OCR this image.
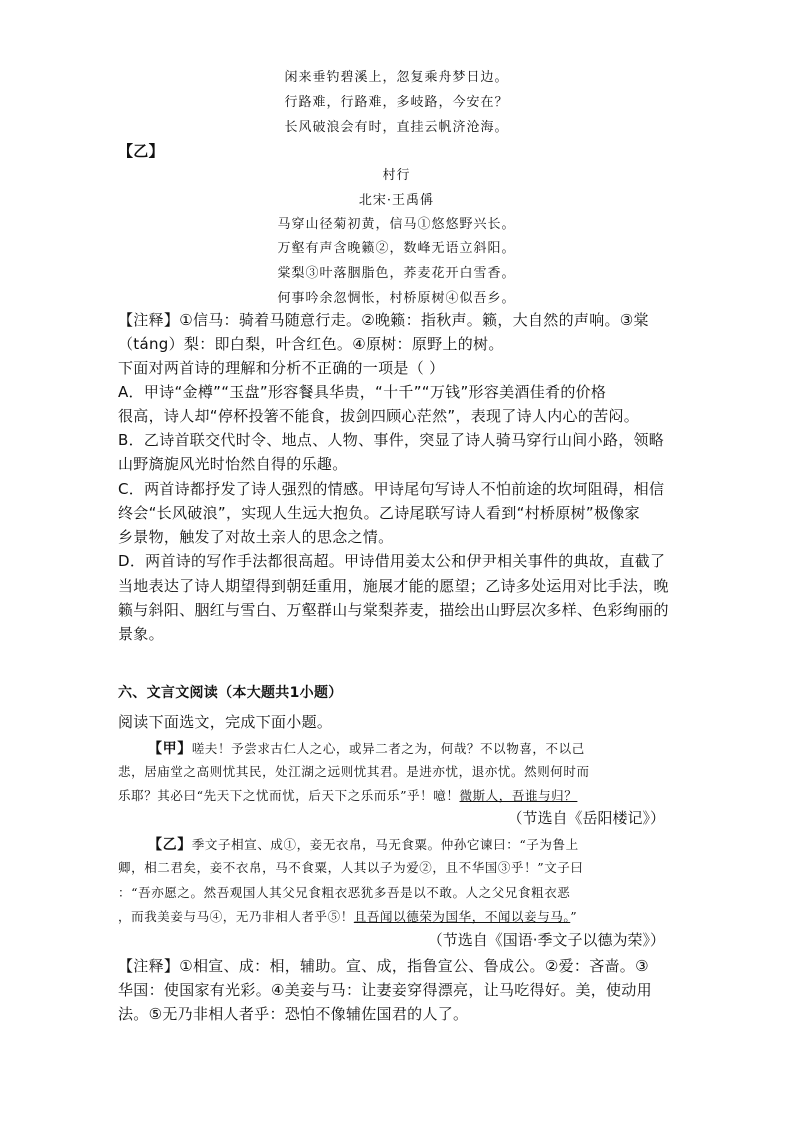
闲来垂钓碧溪上，忽复乘舟梦日边。
行路难，行路难，多岐路，今安在？
长风破浪会有时，直挂云帆济沧海。
【乙】
村行
北宋·王禹偁
马穿山径菊初黄，信马①悠悠野兴长。
万壑有声含晚籁②，数峰无语立斜阳。
棠梨③叶落胭脂色，荞麦花开白雪香。
何事吟余忽惆怅，村桥原树④似吾乡。
【注释】①信马：骑着马随意行走。②晚籁：指秋声。籁，大自然的声响。③棠
（táng）梨：即白梨，叶含红色。④原树：原野上的树。
下面对两首诗的理解和分析不正确的一项是（ ）
A．甲诗“金樽”“玉盘”形容餐具华贵，“十千”“万钱”形容美酒佳肴的价格
很高，诗人却“停杯投箸不能食，拔剑四顾心茫然”，表现了诗人内心的苦闷。
B．乙诗首联交代时令、地点、人物、事件，突显了诗人骑马穿行山间小路，领略
山野旖旎风光时怡然自得的乐趣。
C．两首诗都抒发了诗人强烈的情感。甲诗尾句写诗人不怕前途的坎坷阻碍，相信
终会“长风破浪”，实现人生远大抱负。乙诗尾联写诗人看到“村桥原树”极像家
乡景物，触发了对故土亲人的思念之情。
D．两首诗的写作手法都很高超。甲诗借用姜太公和伊尹相关事件的典故，直截了
当地表达了诗人期望得到朝廷重用，施展才能的愿望；乙诗多处运用对比手法，晚
籁与斜阳、胭红与雪白、万壑群山与棠梨荞麦，描绘出山野层次多样、色彩绚丽的
景象。
六、文言文阅读（本大题共1小题）
阅读下面选文，完成下面小题。
【甲】嗟夫！予尝求古仁人之心，或异二者之为，何哉？不以物喜，不以己
悲，居庙堂之高则忧其民，处江湖之远则忧其君。是进亦忧，退亦忧。然则何时而
乐耶？其必曰“先天下之忧而忧，后天下之乐而乐”乎！噫！微斯人，吾谁与归？
（节选自《岳阳楼记》）
【乙】季文子相宣、成①，妾无衣帛，马无食粟。仲孙它谏曰：“子为鲁上
卿，相二君矣，妾不衣帛，马不食粟，人其以子为爱②，且不华国③乎！”文子曰
：“吾亦愿之。然吾观国人其父兄食粗衣恶犹多吾是以不敢。人之父兄食粗衣恶
，而我美妾与马④，无乃非相人者乎⑤！且吾闻以德荣为国华，不闻以妾与马。”
（节选自《国语·季文子以德为荣》）
【注释】①相宣、成：相，辅助。宣、成，指鲁宣公、鲁成公。②爱：吝啬。③
华国：使国家有光彩。④美妾与马：让妻妾穿得漂亮，让马吃得好。美，使动用
法。⑤无乃非相人者乎：恐怕不像辅佐国君的人了。
